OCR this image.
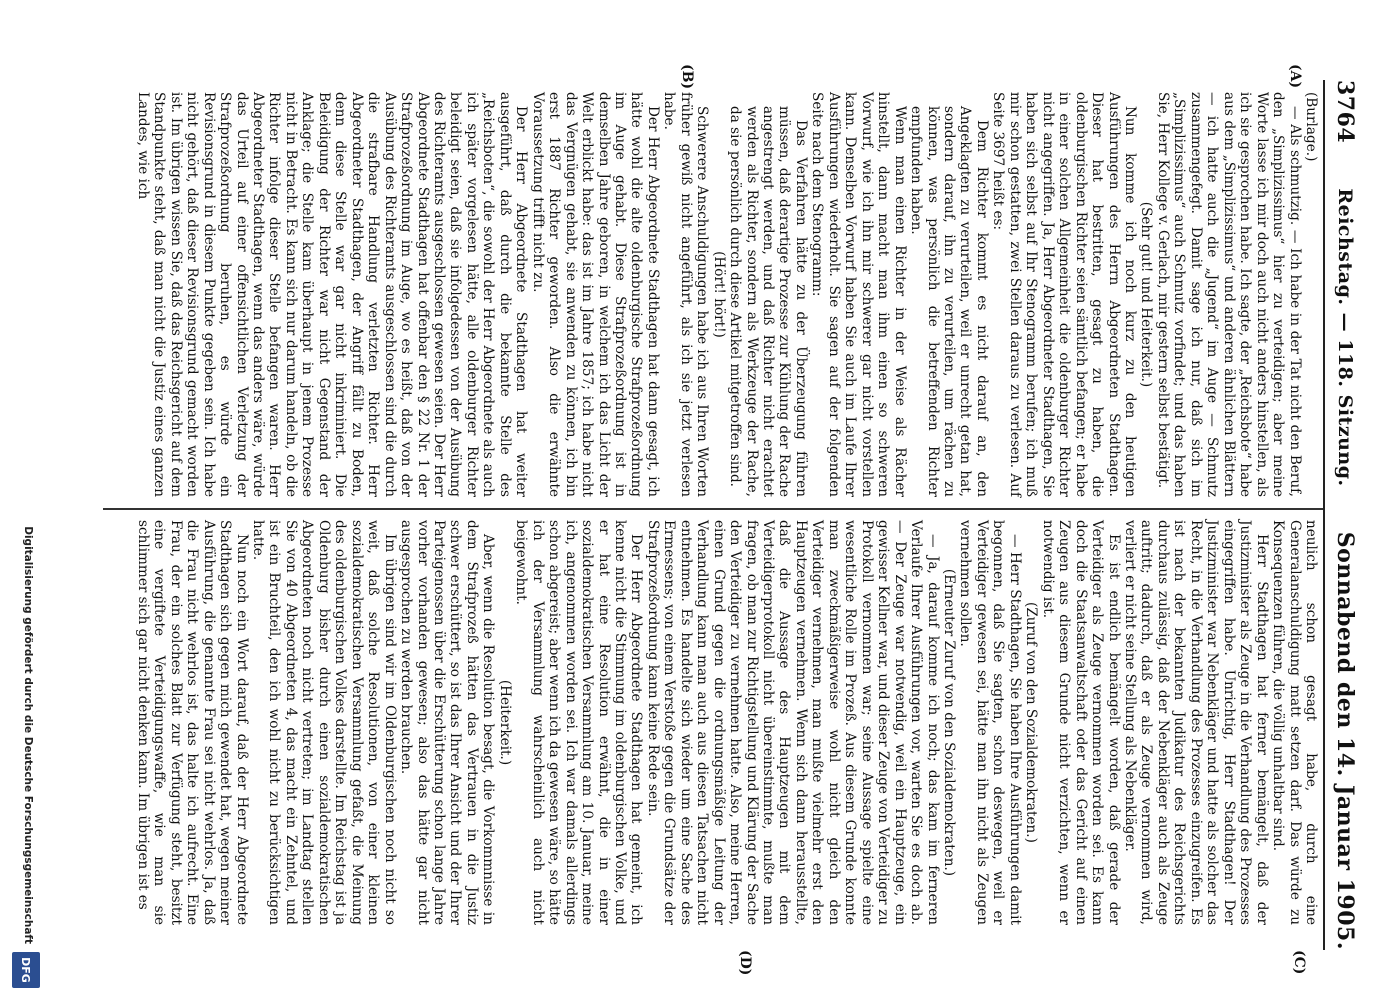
3764
Reichstag. — 118. Sitzung.
Sonnabend den 14. Januar 1905.
(A)
(B)
(C)
(D)

(Burlage.)

— Als schmutzig. — Ich habe in der Tat nicht den Beruf, den „Simplizissimus“ hier zu verteidigen; aber meine Worte lasse ich mir doch auch nicht anders hinstellen, als ich sie gesprochen habe. Ich sagte, der „Reichsbote“ habe aus dem „Simplizissimus“ und anderen ähnlichen Blättern — ich hatte auch die „Jugend“ im Auge — Schmutz zusammengefegt. Damit sage ich nur, daß sich im „Simplizissimus“ auch Schmutz vorfindet; und das haben Sie, Herr Kollege v. Gerlach, mir gestern selbst bestätigt.

(Sehr gut! und Heiterkeit.)

Nun komme ich noch kurz zu den heutigen Ausführungen des Herrn Abgeordneten Stadthagen. Dieser hat bestritten, gesagt zu haben, die oldenburgischen Richter seien sämtlich befangen; er habe in einer solchen Allgemeinheit die oldenburger Richter nicht angegriffen. Ja, Herr Abgeordneter Stadthagen, Sie haben sich selbst auf Ihr Stenogramm berufen; ich muß mir schon gestatten, zwei Stellen daraus zu verlesen. Auf Seite 3697 heißt es:

Dem Richter kommt es nicht darauf an, den Angeklagten zu verurteilen, weil er unrecht getan hat, sondern darauf, ihn zu verurteilen, um rächen zu können, was persönlich die betreffenden Richter empfunden haben.

Wenn man einen Richter in der Weise als Rächer hinstellt, dann macht man ihm einen so schweren Vorwurf, wie ich ihn mir schwerer gar nicht vorstellen kann. Denselben Vorwurf haben Sie auch im Laufe Ihrer Ausführungen wiederholt. Sie sagen auf der folgenden Seite nach dem Stenogramm:

Das Verfahren hätte zu der Überzeugung führen müssen, daß derartige Prozesse zur Kühlung der Rache angestrengt werden, und daß Richter nicht erachtet werden als Richter, sondern als Werkzeuge der Rache, da sie persönlich durch diese Artikel mitgetroffen sind.

(Hört! hört!)

Schwerere Anschuldigungen habe ich aus Ihren Worten früher gewiß nicht angeführt, als ich sie jetzt verlesen habe.

Der Herr Abgeordnete Stadthagen hat dann gesagt, ich hätte wohl die alte oldenburgische Strafprozeßordnung im Auge gehabt. Diese Strafprozeßordnung ist in demselben Jahre geboren, in welchem ich das Licht der Welt erblickt habe: das ist im Jahre 1857; ich habe nicht das Vergnügen gehabt, sie anwenden zu können, ich bin erst 1887 Richter geworden. Also die erwähnte Voraussetzung trifft nicht zu.

Der Herr Abgeordnete Stadthagen hat weiter ausgeführt, daß durch die bekannte Stelle des „Reichsboten“, die sowohl der Herr Abgeordnete als auch ich später vorgelesen hätte, alle oldenburger Richter beleidigt seien, daß sie infolgedessen von der Ausübung des Richteramts ausgeschlossen gewesen seien. Der Herr Abgeordnete Stadthagen hat offenbar den § 22 Nr. 1 der Strafprozeßordnung im Auge, wo es heißt, daß von der Ausübung des Richteramts ausgeschlossen sind die durch die strafbare Handlung verletzten Richter. Herr Abgeordneter Stadthagen, der Angriff fällt zu Boden, denn diese Stelle war gar nicht inkriminiert. Die Beleidigung der Richter war nicht Gegenstand der Anklage; die Stelle kam überhaupt in jenem Prozesse nicht in Betracht. Es kann sich nur darum handeln, ob die Richter infolge dieser Stelle befangen waren. Herr Abgeordneter Stadthagen, wenn das anders wäre, würde das Urteil auf einer offensichtlichen Verletzung der Strafprozeßordnung beruhen, es würde ein Revisionsgrund in diesem Punkte gegeben sein. Ich habe nicht gehört, daß dieser Revisionsgrund gemacht worden ist. Im übrigen wissen Sie, daß das Reichsgericht auf dem Standpunkte steht, daß man nicht die Justiz eines ganzen Landes, wie ich

neulich schon gesagt habe, durch eine Generalanschuldigung matt setzen darf. Das würde zu Konsequenzen führen, die völlig unhaltbar sind.

Herr Stadthagen hat ferner bemängelt, daß der Justizminister als Zeuge in die Verhandlung des Prozesses eingegriffen habe. Unrichtig, Herr Stadthagen! Der Justizminister war Nebenkläger und hatte als solcher das Recht, in die Verhandlung des Prozesses einzugreifen. Es ist nach der bekannten Judikatur des Reichsgerichts durchaus zulässig, daß der Nebenkläger auch als Zeuge auftritt; dadurch, daß er als Zeuge vernommen wird, verliert er nicht seine Stellung als Nebenkläger.

Es ist endlich bemängelt worden, daß gerade der Verteidiger als Zeuge vernommen worden sei. Es kann doch die Staatsanwaltschaft oder das Gericht auf einen Zeugen aus diesem Grunde nicht verzichten, wenn er notwendig ist.

(Zuruf von den Sozialdemokraten.)

— Herr Stadthagen, Sie haben Ihre Ausführungen damit begonnen, daß Sie sagten, schon deswegen, weil er Verteidiger gewesen sei, hätte man ihn nicht als Zeugen vernehmen sollen.

(Erneuter Zuruf von den Sozialdemokraten.)

— Ja, darauf komme ich noch; das kam im ferneren Verlaufe Ihrer Ausführungen vor, warten Sie es doch ab. — Der Zeuge war notwendig, weil ein Hauptzeuge, ein gewisser Kellner war, und dieser Zeuge von Verteidiger zu Protokoll vernommen war; seine Aussage spielte eine wesentliche Rolle im Prozeß. Aus diesem Grunde konnte man zweckmäßigerweise wohl nicht gleich den Verteidiger vernehmen, man mußte vielmehr erst den Hauptzeugen vernehmen. Wenn sich dann herausstellte, daß die Aussage des Hauptzeugen mit dem Verteidigerprotokoll nicht übereinstimmte, mußte man fragen, ob man zur Richtigstellung und Klärung der Sache den Verteidiger zu vernehmen hatte. Also, meine Herren, einen Grund gegen die ordnungsmäßige Leitung der Verhandlung kann man auch aus diesen Tatsachen nicht entnehmen. Es handelte sich wieder um eine Sache des Ermessens; von einem Verstoße gegen die Grundsätze der Strafprozeßordnung kann keine Rede sein.

Der Herr Abgeordnete Stadthagen hat gemeint, ich kenne nicht die Stimmung im oldenburgischen Volke, und er hat eine Resolution erwähnt, die in einer sozialdemokratischen Versammlung am 10. Januar, meine ich, angenommen worden sei. Ich war damals allerdings schon abgereist; aber wenn ich da gewesen wäre, so hätte ich der Versammlung wahrscheinlich auch nicht beigewohnt.

(Heiterkeit.)

Aber, wenn die Resolution besagt, die Vorkommnisse in dem Strafprozeß hätten das Vertrauen in die Justiz schwer erschüttert, so ist das Ihrer Ansicht und der Ihrer Parteigenossen über die Erschütterung schon lange Jahre vorher vorhanden gewesen; also das hätte gar nicht ausgesprochen zu werden brauchen.

Im übrigen sind wir im Oldenburgischen noch nicht so weit, daß solche Resolutionen, von einer kleinen sozialdemokratischen Versammlung gefaßt, die Meinung des oldenburgischen Volkes darstellte. Im Reichstag ist ja Oldenburg bisher durch einen sozialdemokratischen Abgeordneten noch nicht vertreten; im Landtag stellen Sie von 40 Abgeordneten 4, das macht ein Zehntel, und ist ein Bruchteil, den ich wohl nicht zu berücksichtigen hatte.

Nun noch ein Wort darauf, daß der Herr Abgeordnete Stadthagen sich gegen mich gewendet hat, wegen meiner Ausführung, die genannte Frau sei nicht wehrlos. Ja, daß die Frau nicht wehrlos ist, das halte ich aufrecht. Eine Frau, der ein solches Blatt zur Verfügung steht, besitzt eine vergiftete Verteidigungswaffe, wie man sie schlimmer sich gar nicht denken kann. Im übrigen ist es

Digitalisierung gefördert durch die Deutsche Forschungsgemeinschaft
DFG
